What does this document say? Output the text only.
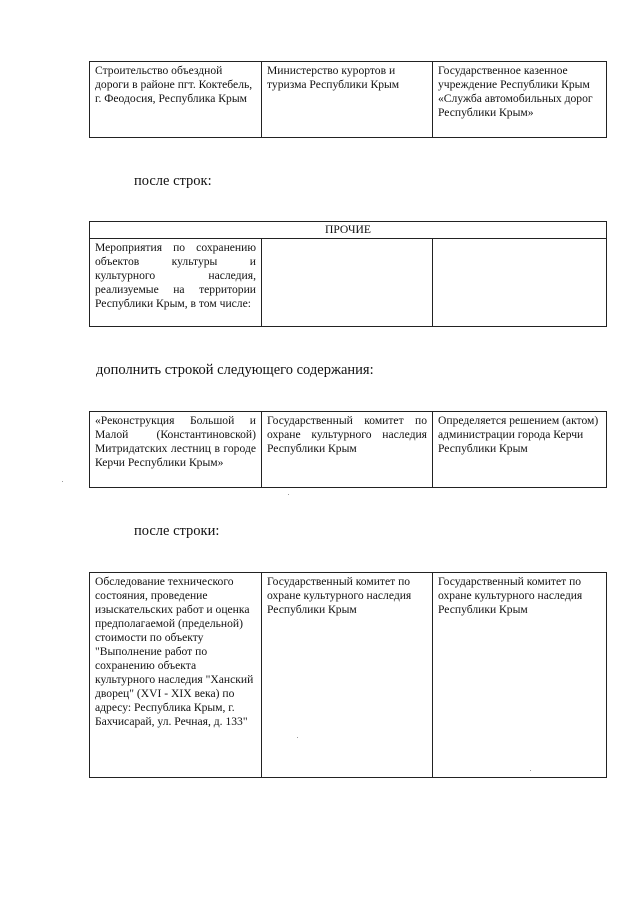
Строительство объездной дороги в районе пгт. Коктебель, г. Феодосия, Республика Крым	Министерство курортов и туризма Республики Крым	Государственное казенное учреждение Республики Крым «Служба автомобильных дорог Республики Крым»
после строк:
ПРОЧИЕ
Мероприятия по сохранению объектов культуры и культурного наследия, реализуемые на территории Республики Крым, в том числе:		
дополнить строкой следующего содержания:
«Реконструкция Большой и Малой (Константиновской) Митридатских лестниц в городе Керчи Республики Крым»	Государственный комитет по охране культурного наследия Республики Крым	Определяется решением (актом) администрации города Керчи Республики Крым
после строки:
Обследование технического состояния, проведение изыскательских работ и оценка предполагаемой (предельной) стоимости по объекту "Выполнение работ по сохранению объекта культурного наследия "Ханский дворец" (XVI - XIX века) по адресу: Республика Крым, г. Бахчисарай, ул. Речная, д. 133"	Государственный комитет по охране культурного наследия Республики Крым	Государственный комитет по охране культурного наследия Республики Крым
